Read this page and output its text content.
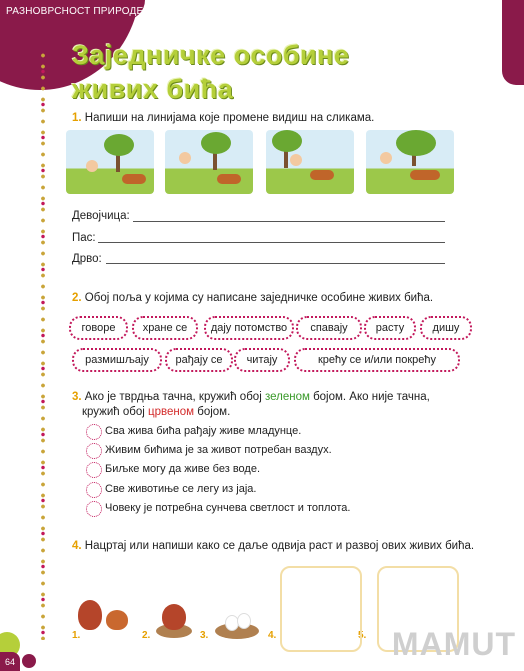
РАЗНОВРСНОСТ ПРИРОДЕ
Заједничке особине
живих бића
1. Напиши на линијама које промене видиш на сликама.
Девојчица:
Пас:
Дрво:
2. Обој поља у којима су написане заједничке особине живих бића.
говоре	хране се	дају потомство	спавају	расту	дишу
размишљају	рађају се	читају	крећу се и/или покрећу
3. Ако је тврдња тачна, кружић обој зеленом бојом. Ако није тачна,
кружић обој црвеном бојом.
Сва жива бића рађају живе младунце.
Живим бићима је за живот потребан ваздух.
Биљке могу да живе без воде.
Све животиње се легу из јаја.
Човеку је потребна сунчева светлост и топлота.
4. Нацртај или напиши како се даље одвија раст и развој ових живих бића.
1.	2.	3.	4.	5.
64	MAMUT
